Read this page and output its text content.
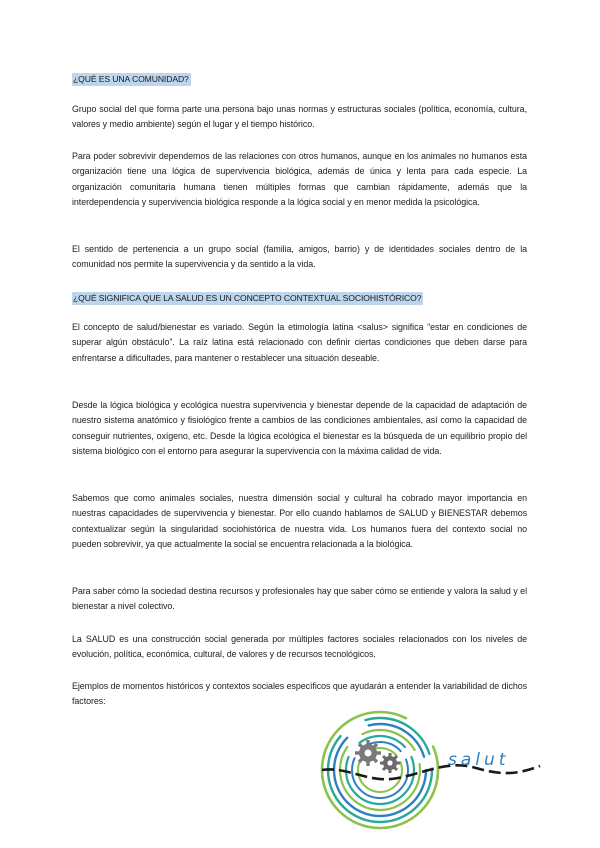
¿QUÉ ES UNA COMUNIDAD?

Grupo social del que forma parte una persona bajo unas normas y estructuras sociales (política, economía, cultura, valores y medio ambiente) según el lugar y el tiempo histórico.

Para poder sobrevivir dependemos de las relaciones con otros humanos, aunque en los animales no humanos esta organización tiene una lógica de supervivencia biológica, además de única y lenta para cada especie. La organización comunitaria humana tienen múltiples formas que cambian rápidamente, además que la interdependencia y supervivencia biológica responde a la lógica social y en menor medida la psicológica.

El sentido de pertenencia a un grupo social (familia, amigos, barrio) y de identidades sociales dentro de la comunidad nos permite la supervivencia y da sentido a la vida.

¿QUÉ SIGNIFICA QUE LA SALUD ES UN CONCEPTO CONTEXTUAL SOCIOHISTÓRICO?

El concepto de salud/bienestar es variado. Según la etimología latina <salus> significa “estar en condiciones de superar algún obstáculo”. La raíz latina está relacionado con definir ciertas condiciones que deben darse para enfrentarse a dificultades, para mantener o restablecer una situación deseable.

Desde la lógica biológica y ecológica nuestra supervivencia y bienestar depende de la capacidad de adaptación de nuestro sistema anatómico y fisiológico frente a cambios de las condiciones ambientales, así como la capacidad de conseguir nutrientes, oxígeno, etc. Desde la lógica ecológica el bienestar es la búsqueda de un equilibrio propio del sistema biológico con el entorno para asegurar la supervivencia con la máxima calidad de vida.

Sabemos que como animales sociales, nuestra dimensión social y cultural ha cobrado mayor importancia en nuestras capacidades de supervivencia y bienestar. Por ello cuando hablamos de SALUD y BIENESTAR debemos contextualizar según la singularidad sociohistórica de nuestra vida. Los humanos fuera del contexto social no pueden sobrevivir, ya que actualmente la social se encuentra relacionada a la biológica.

Para saber cómo la sociedad destina recursos y profesionales hay que saber cómo se entiende y valora la salud y el bienestar a nivel colectivo.

La SALUD es una construcción social generada por múltiples factores sociales relacionados con los niveles de evolución, política, económica, cultural, de valores y de recursos tecnológicos.

Ejemplos de momentos históricos y contextos sociales específicos que ayudarán a entender la variabilidad de dichos factores:

salut
